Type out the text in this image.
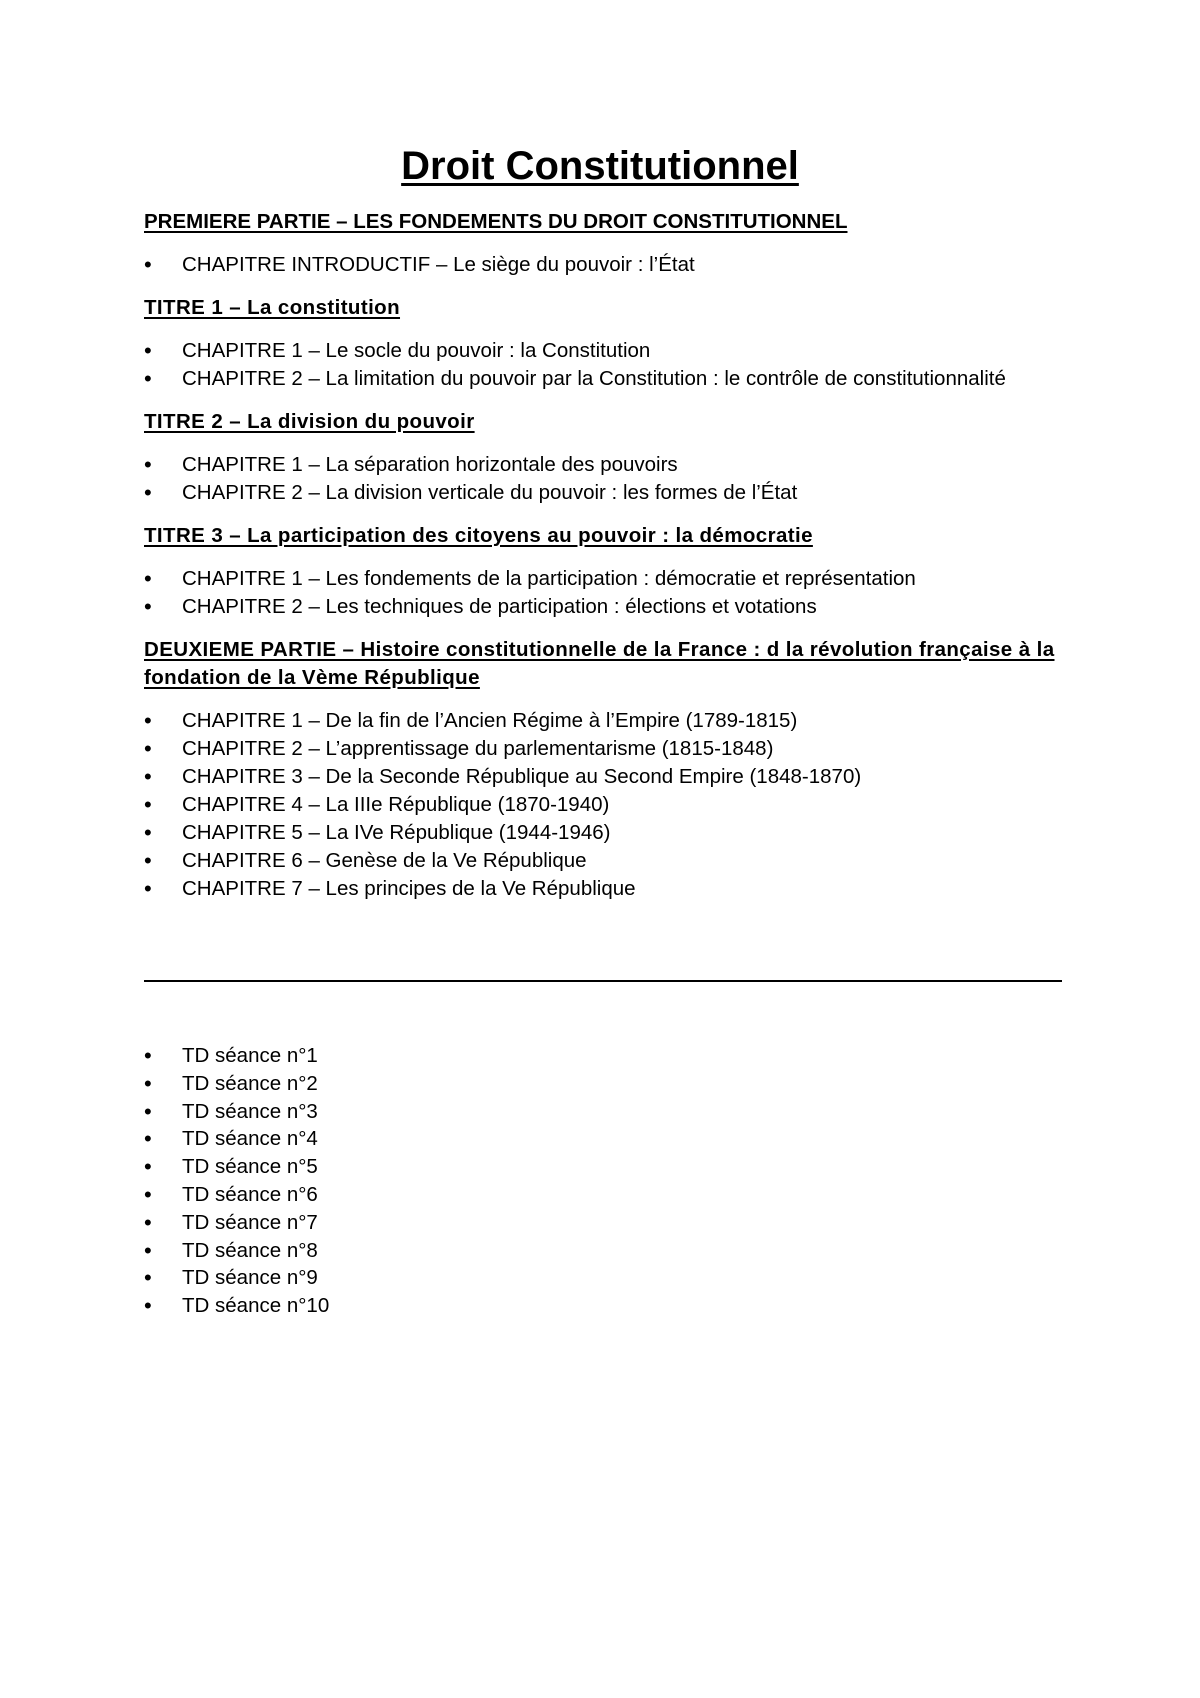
Droit Constitutionnel

PREMIERE PARTIE – LES FONDEMENTS DU DROIT CONSTITUTIONNEL

• CHAPITRE INTRODUCTIF – Le siège du pouvoir : l’État

TITRE 1 – La constitution

• CHAPITRE 1 – Le socle du pouvoir : la Constitution
• CHAPITRE 2 – La limitation du pouvoir par la Constitution : le contrôle de constitutionnalité

TITRE 2 – La division du pouvoir

• CHAPITRE 1 – La séparation horizontale des pouvoirs
• CHAPITRE 2 – La division verticale du pouvoir : les formes de l’État

TITRE 3 – La participation des citoyens au pouvoir : la démocratie

• CHAPITRE 1 – Les fondements de la participation : démocratie et représentation
• CHAPITRE 2 – Les techniques de participation : élections et votations

DEUXIEME PARTIE – Histoire constitutionnelle de la France : d la révolution française à la fondation de la Vème République

• CHAPITRE 1 – De la fin de l’Ancien Régime à l’Empire (1789-1815)
• CHAPITRE 2 – L’apprentissage du parlementarisme (1815-1848)
• CHAPITRE 3 – De la Seconde République au Second Empire (1848-1870)
• CHAPITRE 4 – La IIIe République (1870-1940)
• CHAPITRE 5 – La IVe République (1944-1946)
• CHAPITRE 6 – Genèse de la Ve République
• CHAPITRE 7 – Les principes de la Ve République
• TD séance n°1
• TD séance n°2
• TD séance n°3
• TD séance n°4
• TD séance n°5
• TD séance n°6
• TD séance n°7
• TD séance n°8
• TD séance n°9
• TD séance n°10
